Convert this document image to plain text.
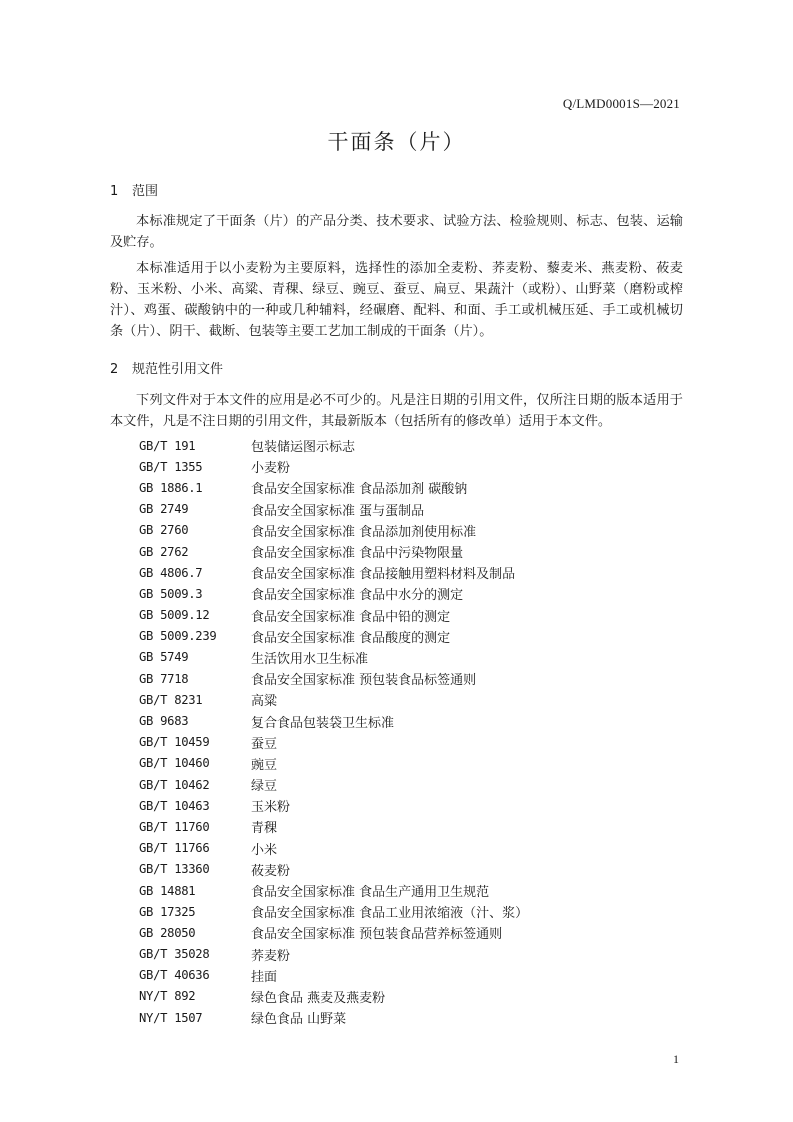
Q/LMD0001S—2021
干面条（片）
1 范围

本标准规定了干面条（片）的产品分类、技术要求、试验方法、检验规则、标志、包装、运输及贮存。

本标准适用于以小麦粉为主要原料，选择性的添加全麦粉、荞麦粉、藜麦米、燕麦粉、莜麦粉、玉米粉、小米、高粱、青稞、绿豆、豌豆、蚕豆、扁豆、果蔬汁（或粉）、山野菜（磨粉或榨汁）、鸡蛋、碳酸钠中的一种或几种辅料，经碾磨、配料、和面、手工或机械压延、手工或机械切条（片）、阴干、截断、包装等主要工艺加工制成的干面条（片）。

2 规范性引用文件

下列文件对于本文件的应用是必不可少的。凡是注日期的引用文件，仅所注日期的版本适用于本文件，凡是不注日期的引用文件，其最新版本（包括所有的修改单）适用于本文件。

GB/T 191	包装储运图示标志
GB/T 1355	小麦粉
GB 1886.1	食品安全国家标准 食品添加剂 碳酸钠
GB 2749	食品安全国家标准 蛋与蛋制品
GB 2760	食品安全国家标准 食品添加剂使用标准
GB 2762	食品安全国家标准 食品中污染物限量
GB 4806.7	食品安全国家标准 食品接触用塑料材料及制品
GB 5009.3	食品安全国家标准 食品中水分的测定
GB 5009.12	食品安全国家标准 食品中铅的测定
GB 5009.239	食品安全国家标准 食品酸度的测定
GB 5749	生活饮用水卫生标准
GB 7718	食品安全国家标准 预包装食品标签通则
GB/T 8231	高粱
GB 9683	复合食品包装袋卫生标准
GB/T 10459	蚕豆
GB/T 10460	豌豆
GB/T 10462	绿豆
GB/T 10463	玉米粉
GB/T 11760	青稞
GB/T 11766	小米
GB/T 13360	莜麦粉
GB 14881	食品安全国家标准 食品生产通用卫生规范
GB 17325	食品安全国家标准 食品工业用浓缩液（汁、浆）
GB 28050	食品安全国家标准 预包装食品营养标签通则
GB/T 35028	荞麦粉
GB/T 40636	挂面
NY/T 892	绿色食品 燕麦及燕麦粉
NY/T 1507	绿色食品 山野菜
1
